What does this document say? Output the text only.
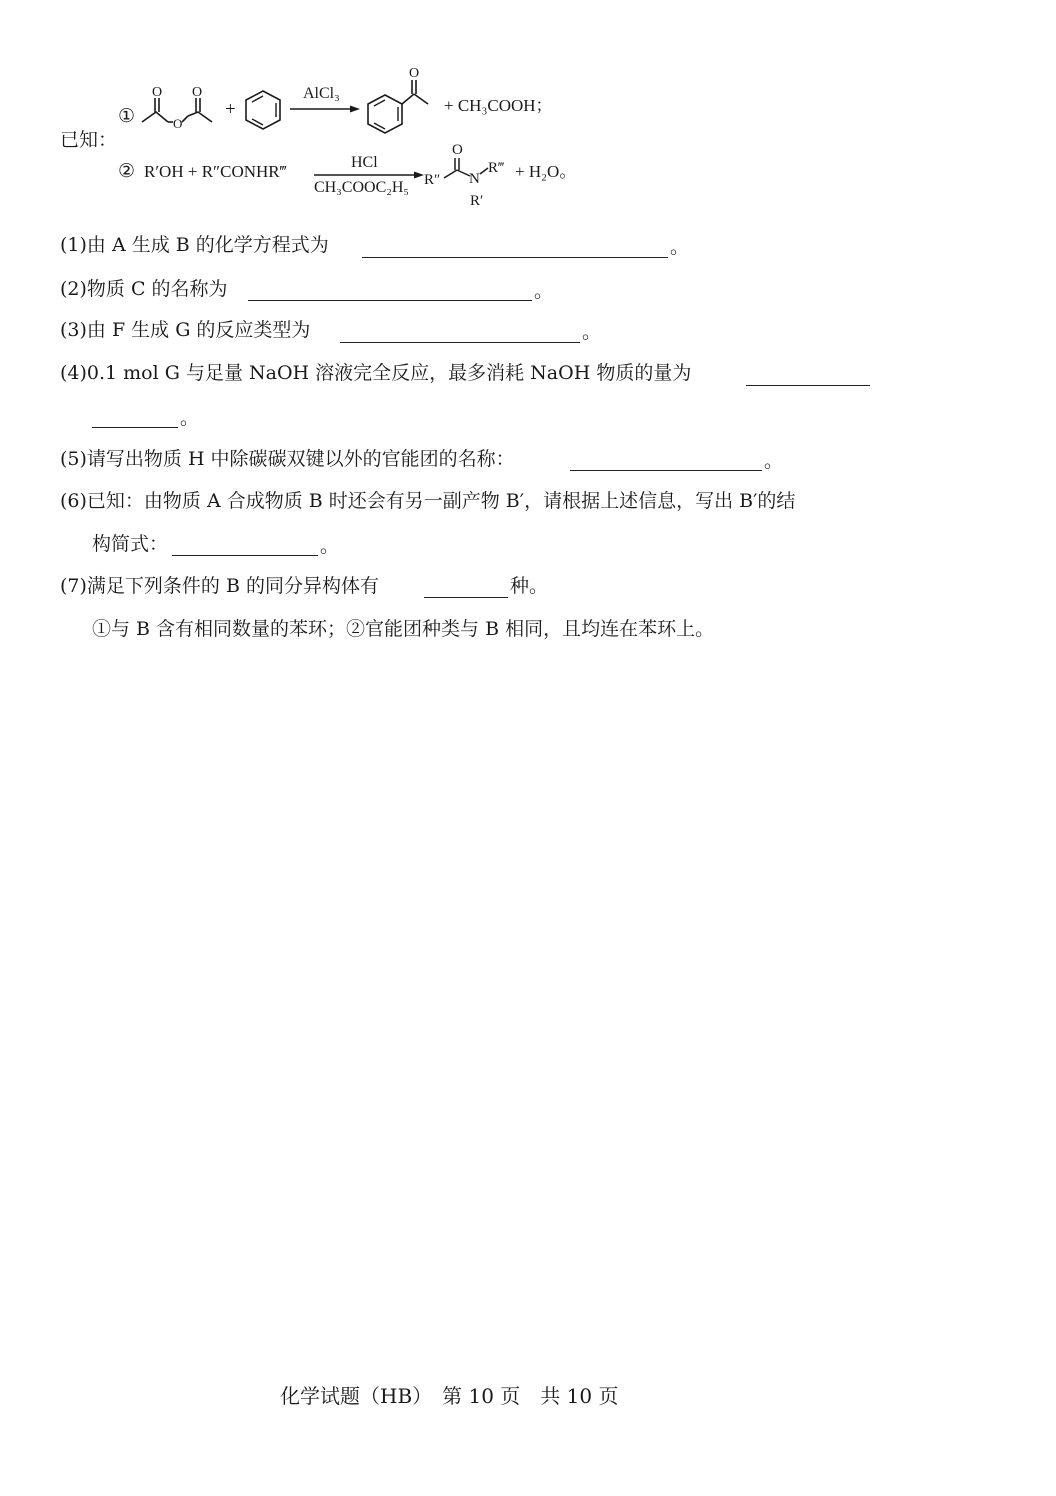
已知：
①
O O
O
+
AlCl₃
O
+ CH₃COOH；
② R′OH + R″CONHR‴	HCl
CH₃COOC₂H₅ R″
O
N
R‴
R′
+ H₂O。
(1)由 A 生成 B 的化学方程式为	。
(2)物质 C 的名称为	。
(3)由 F 生成 G 的反应类型为	。
(4)0.1 mol G 与足量 NaOH 溶液完全反应，最多消耗 NaOH 物质的量为
。
(5)请写出物质 H 中除碳碳双键以外的官能团的名称：	。
(6)已知：由物质 A 合成物质 B 时还会有另一副产物 B′，请根据上述信息，写出 B′的结
构简式：	。
(7)满足下列条件的 B 的同分异构体有	种。
①与 B 含有相同数量的苯环；②官能团种类与 B 相同，且均连在苯环上。
化学试题（HB）　第 10 页　共 10 页
